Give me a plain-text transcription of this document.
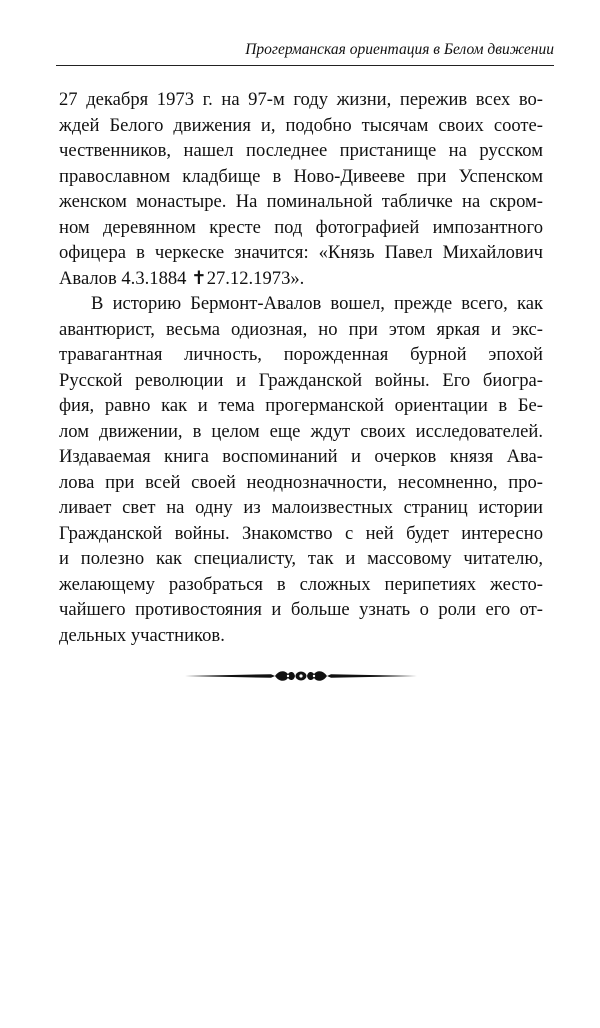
Прогерманская ориентация в Белом движении

27 декабря 1973 г. на 97-м году жизни, пережив всех во-
ждей Белого движения и, подобно тысячам своих соотe-
чественников, нашел последнее пристанище на русском
православном кладбище в Ново-Дивееве при Успенском
женском монастыре. На поминальной табличке на скром-
ном деревянном кресте под фотографией импозантного
офицера в черкеске значится: «Князь Павел Михайлович
Авалов 4.3.1884 ✝27.12.1973».

В историю Бермонт-Авалов вошел, прежде всего, как
авантюрист, весьма одиозная, но при этом яркая и экс-
травагантная личность, порожденная бурной эпохой
Русской революции и Гражданской войны. Его биогра-
фия, равно как и тема прогерманской ориентации в Бе-
лом движении, в целом еще ждут своих исследователей.
Издаваемая книга воспоминаний и очерков князя Ава-
лова при всей своей неоднозначности, несомненно, про-
ливает свет на одну из малоизвестных страниц истории
Гражданской войны. Знакомство с ней будет интересно
и полезно как специалисту, так и массовому читателю,
желающему разобраться в сложных перипетиях жесто-
чайшего противостояния и больше узнать о роли его от-
дельных участников.
